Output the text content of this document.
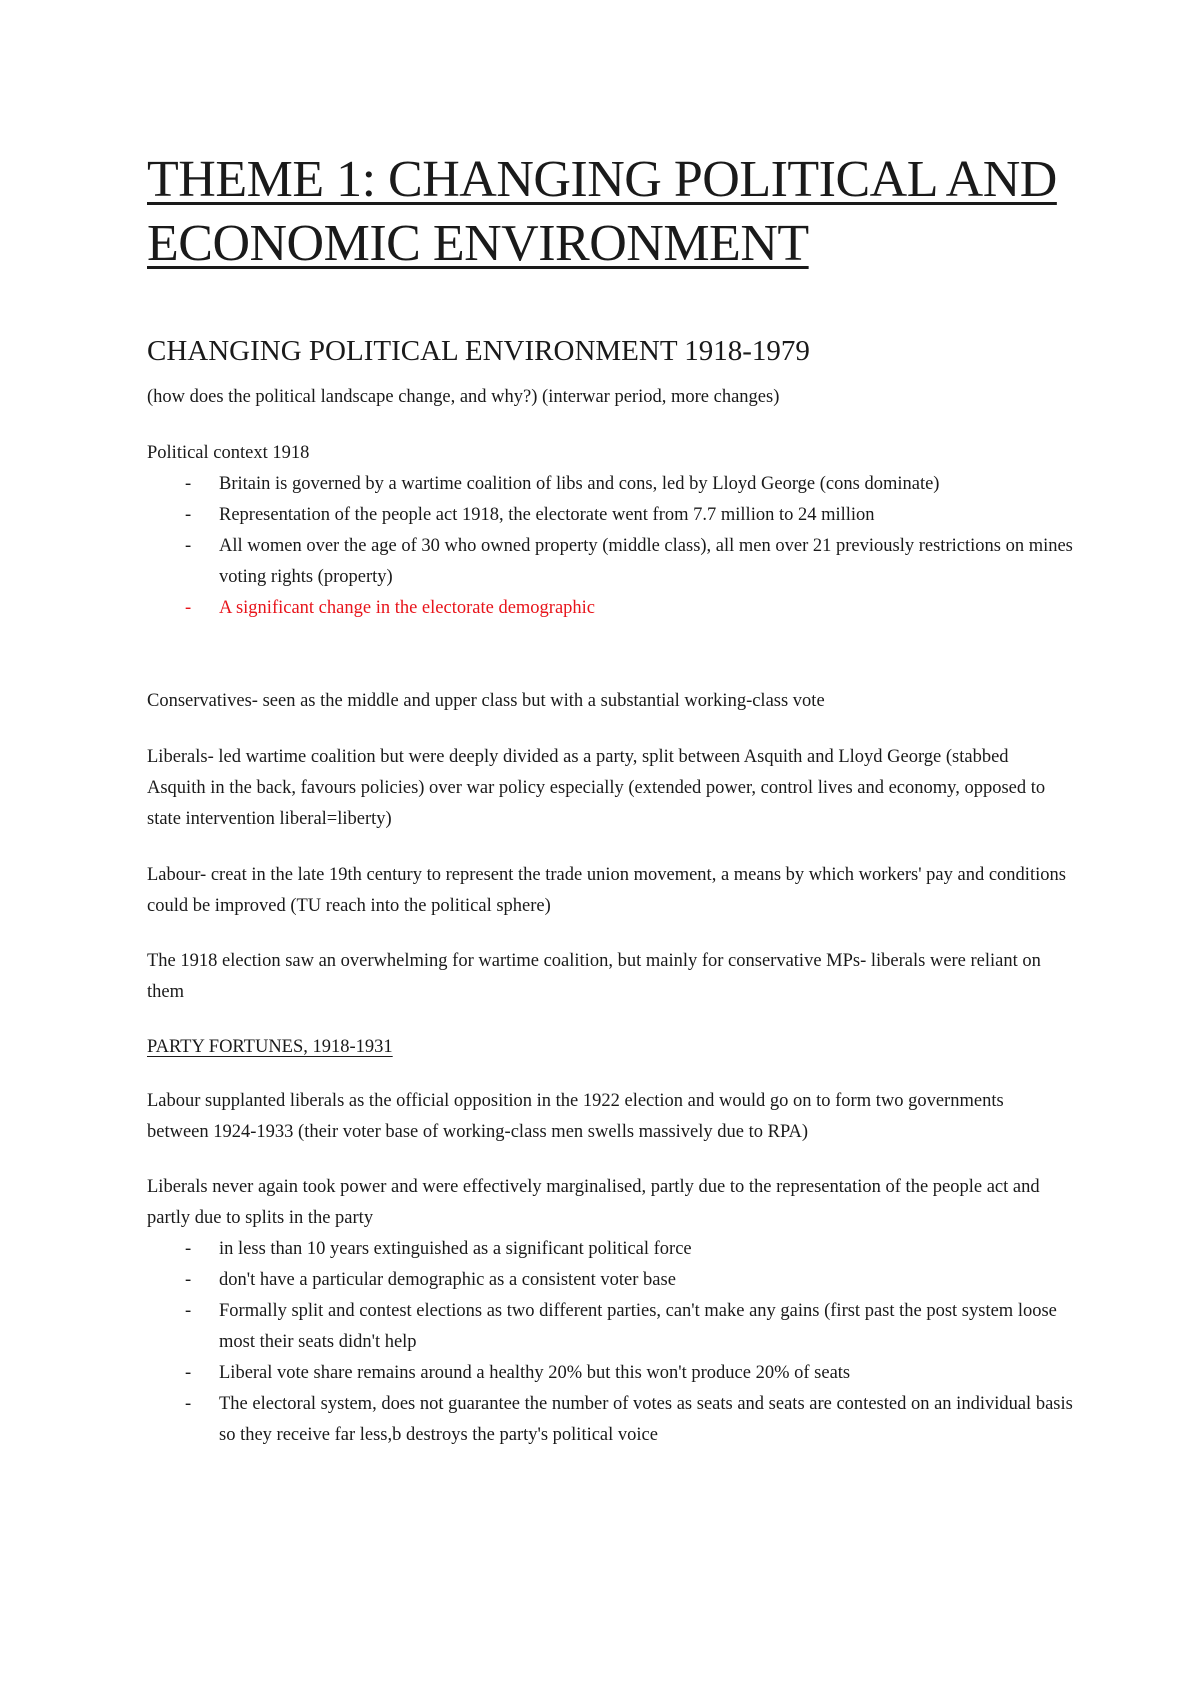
THEME 1: CHANGING POLITICAL AND ECONOMIC ENVIRONMENT
CHANGING POLITICAL ENVIRONMENT 1918-1979

(how does the political landscape change, and why?) (interwar period, more changes)

Political context 1918

- Britain is governed by a wartime coalition of libs and cons, led by Lloyd George (cons dominate)
- Representation of the people act 1918, the electorate went from 7.7 million to 24 million
- All women over the age of 30 who owned property (middle class), all men over 21 previously restrictions on mines voting rights (property)
- A significant change in the electorate demographic

Conservatives- seen as the middle and upper class but with a substantial working-class vote

Liberals- led wartime coalition but were deeply divided as a party, split between Asquith and Lloyd George (stabbed Asquith in the back, favours policies) over war policy especially (extended power, control lives and economy, opposed to state intervention liberal=liberty)

Labour- creat in the late 19th century to represent the trade union movement, a means by which workers' pay and conditions could be improved (TU reach into the political sphere)

The 1918 election saw an overwhelming for wartime coalition, but mainly for conservative MPs- liberals were reliant on them

PARTY FORTUNES, 1918-1931

Labour supplanted liberals as the official opposition in the 1922 election and would go on to form two governments between 1924-1933 (their voter base of working-class men swells massively due to RPA)

Liberals never again took power and were effectively marginalised, partly due to the representation of the people act and partly due to splits in the party

- in less than 10 years extinguished as a significant political force
- don't have a particular demographic as a consistent voter base
- Formally split and contest elections as two different parties, can't make any gains (first past the post system loose most their seats didn't help
- Liberal vote share remains around a healthy 20% but this won't produce 20% of seats
- The electoral system, does not guarantee the number of votes as seats and seats are contested on an individual basis so they receive far less,b destroys the party's political voice
